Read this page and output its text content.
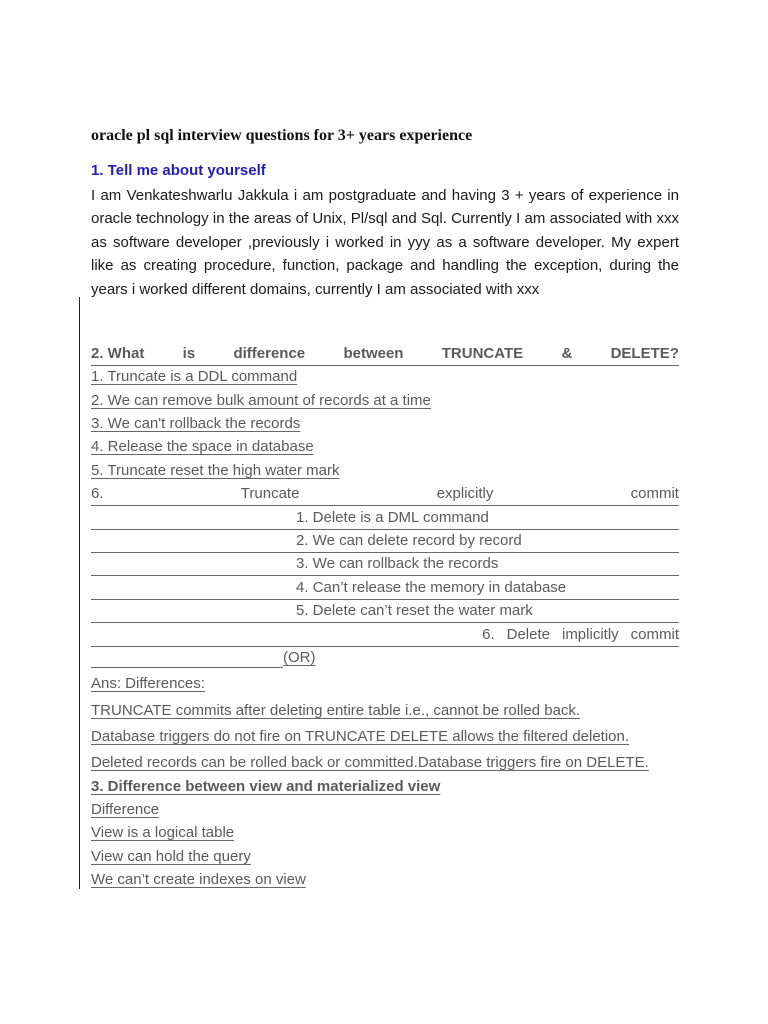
oracle pl sql interview questions for 3+ years experience
1. Tell me about yourself
I am Venkateshwarlu Jakkula i am postgraduate and having 3 + years of experience in oracle technology in the areas of Unix, Pl/sql and Sql. Currently I am associated with xxx as software developer ,previously i worked in yyy as a software developer. My expert like as creating procedure, function, package and handling the exception, during the years i worked different domains, currently I am associated with xxx
2. What	is	difference	between	TRUNCATE	&	DELETE?
1. Truncate is a DDL command
2. We can remove bulk amount of records at a time
3. We can't rollback the records
4. Release the space in database
5. Truncate reset the high water mark
6.	Truncate	explicitly	commit
1. Delete is a DML command
2. We can delete record by record
3. We can rollback the records
4. Can’t release the memory in database
5. Delete can’t reset the water mark
6. Delete implicitly commit
(OR)
Ans: Differences:
TRUNCATE commits after deleting entire table i.e., cannot be rolled back.
Database triggers do not fire on TRUNCATE DELETE allows the filtered deletion.
Deleted records can be rolled back or committed.Database triggers fire on DELETE.
3. Difference between view and materialized view
Difference
View is a logical table
View can hold the query
We can’t create indexes on view
